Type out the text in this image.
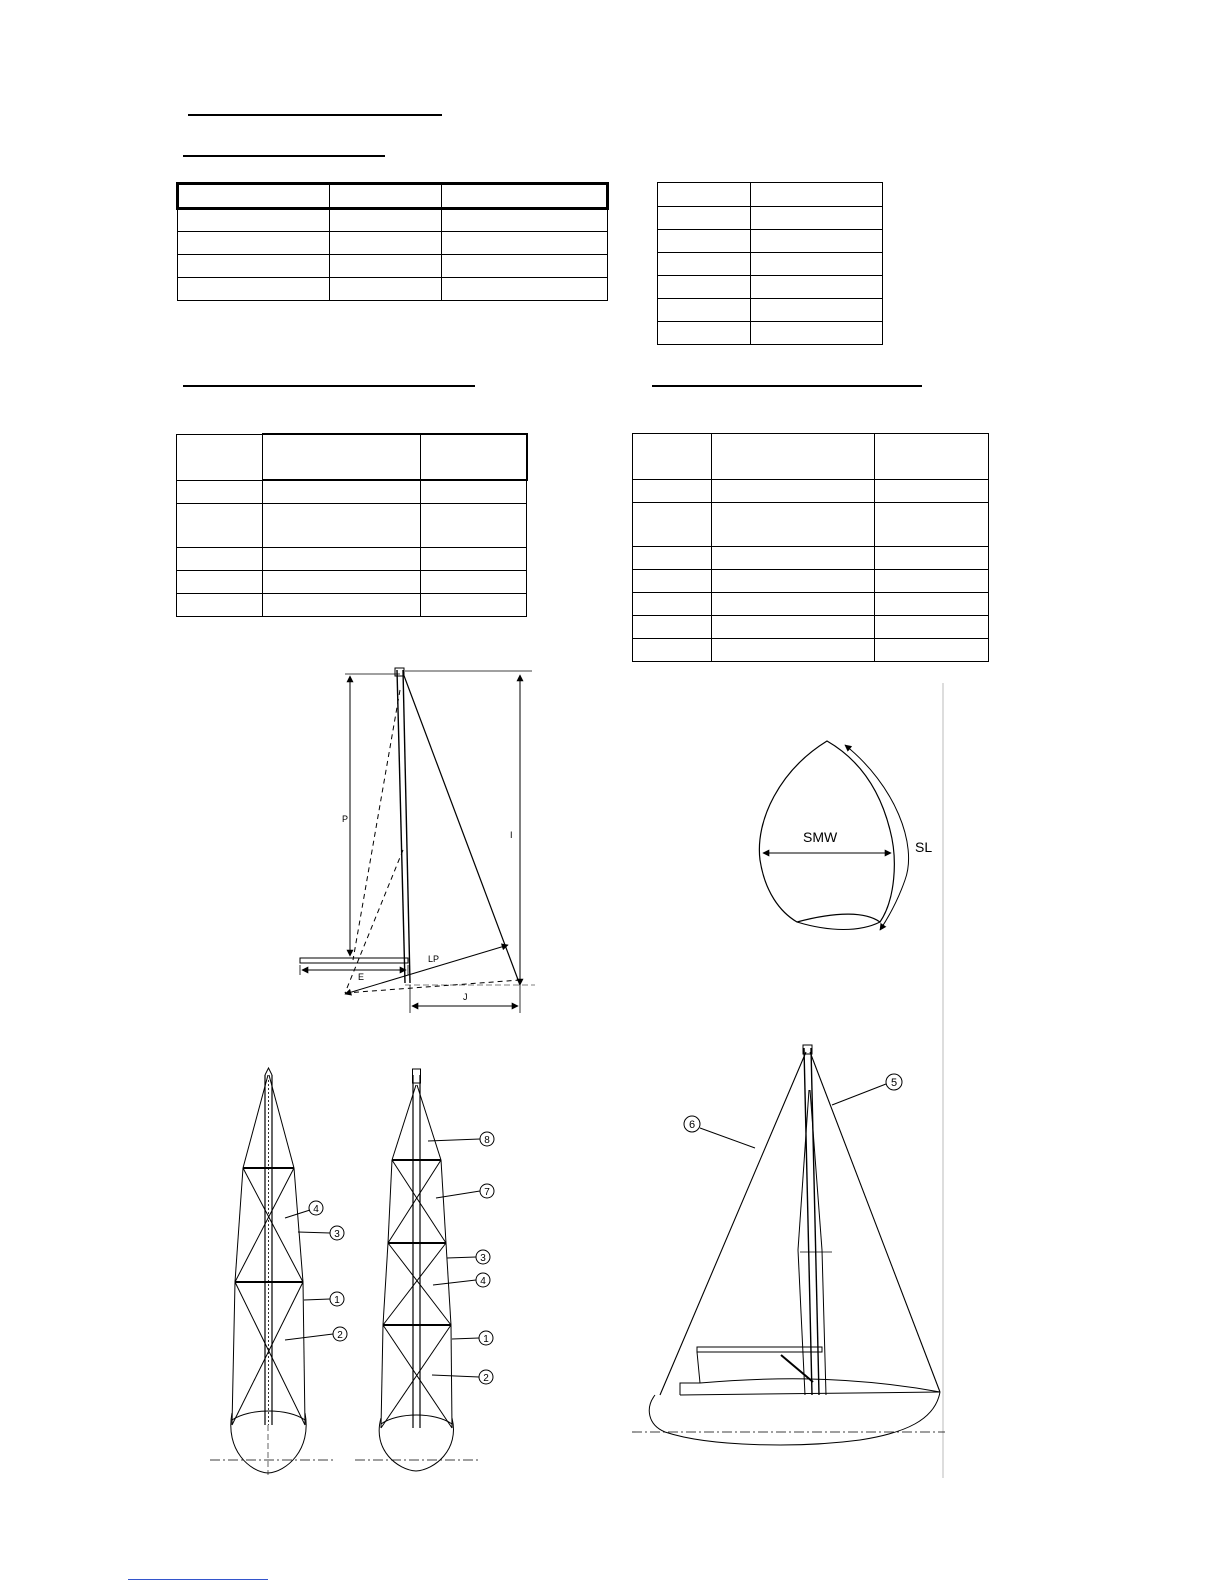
P
I
E
LP
J
SMW
SL
4
3
1
2
8
7
3
4
1
2
6
5
